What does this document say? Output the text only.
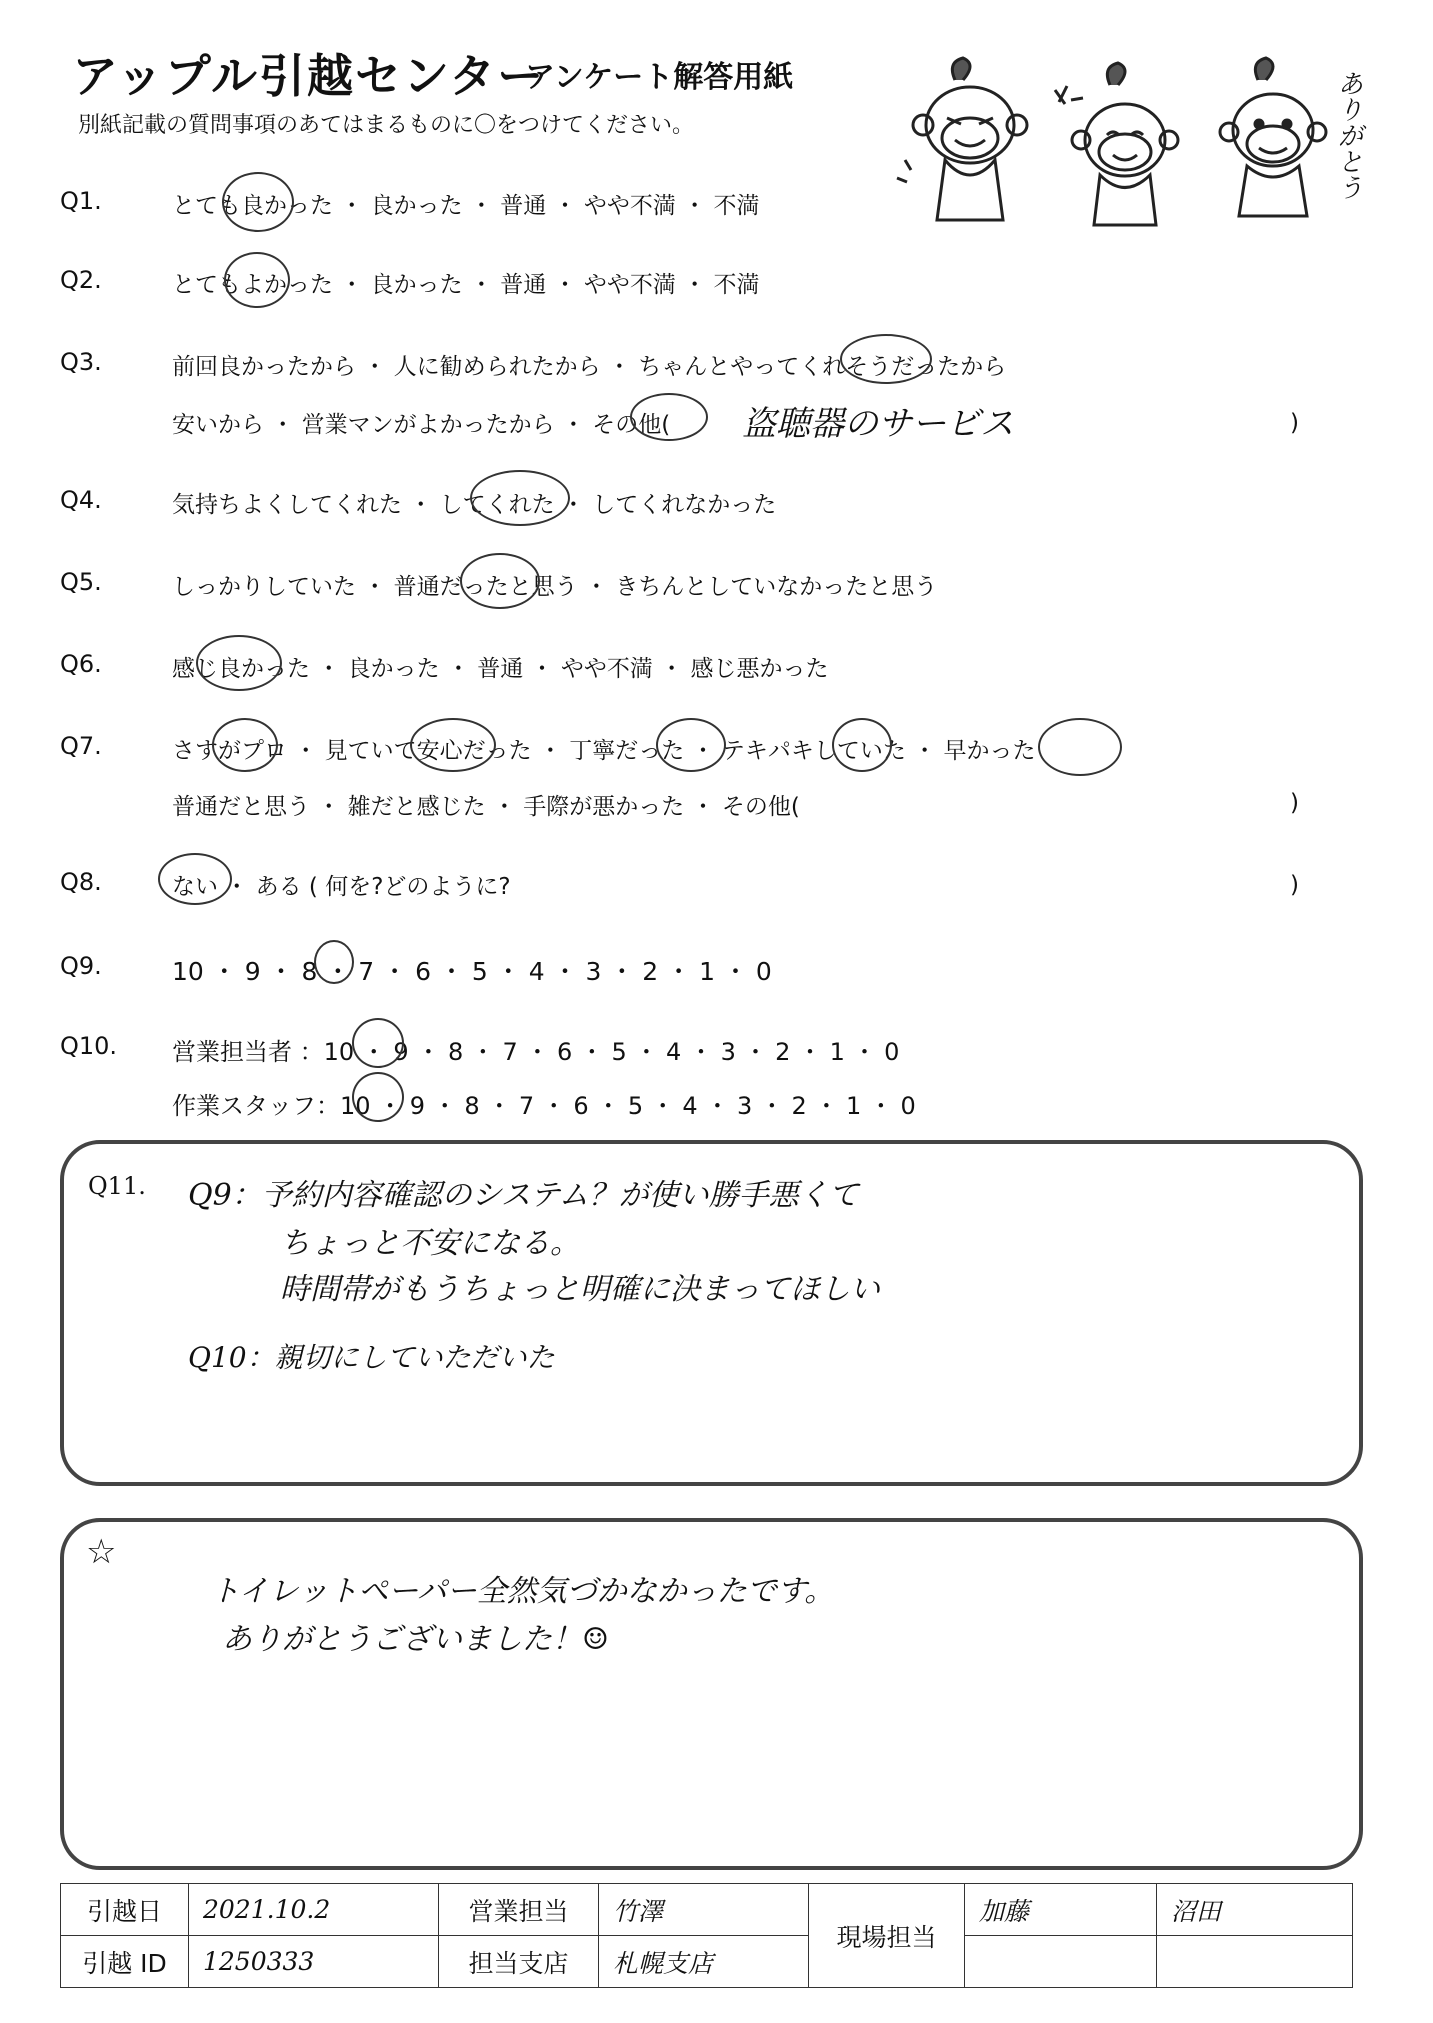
アップル引越センター
アンケート解答用紙
別紙記載の質問事項のあてはまるものに〇をつけてください。	ありがとう
Q1.	とても良かった ・ 良かった ・ 普通 ・ やや不満 ・ 不満
Q2.	とてもよかった ・ 良かった ・ 普通 ・ やや不満 ・ 不満
Q3.	前回良かったから ・ 人に勧められたから ・ ちゃんとやってくれそうだったから
安いから ・ 営業マンがよかったから ・ その他( 盗聴器のサービス	)
Q4.	気持ちよくしてくれた ・ してくれた ・ してくれなかった
Q5.	しっかりしていた ・ 普通だったと思う ・ きちんとしていなかったと思う
Q6.	感じ良かった ・ 良かった ・ 普通 ・ やや不満 ・ 感じ悪かった
Q7.	さすがプロ ・ 見ていて安心だった ・ 丁寧だった ・ テキパキしていた ・ 早かった
普通だと思う ・ 雑だと感じた ・ 手際が悪かった ・ その他(	)
Q8.	ない ・ ある ( 何を?どのように?	)
Q9.	10 ・ 9 ・ 8 ・ 7 ・ 6 ・ 5 ・ 4 ・ 3 ・ 2 ・ 1 ・ 0
Q10. 営業担当者 ：10 ・ 9 ・ 8 ・ 7 ・ 6 ・ 5 ・ 4 ・ 3 ・ 2 ・ 1 ・ 0
作業スタッフ：10 ・ 9 ・ 8 ・ 7 ・ 6 ・ 5 ・ 4 ・ 3 ・ 2 ・ 1 ・ 0
Q11. Q9：予約内容確認のシステム？が使い勝手悪くて
ちょっと不安になる。
時間帯がもうちょっと明確に決まってほしい
Q10：親切にしていただいた
☆
トイレットペーパー全然気づかなかったです。
ありがとうございました！☺
引越日	2021.10.2	営業担当	竹澤	現場担当	加藤	沼田
引越 ID	1250333	担当支店	札幌支店			
